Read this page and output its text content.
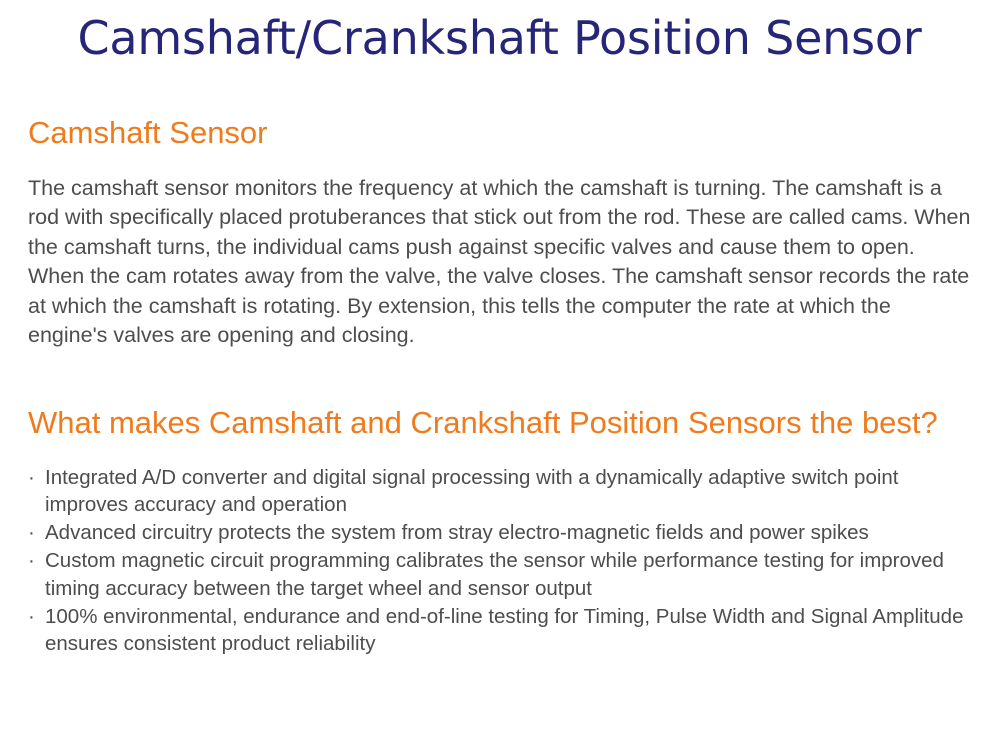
Camshaft/Crankshaft Position Sensor
Camshaft Sensor

The camshaft sensor monitors the frequency at which the camshaft is turning. The camshaft is a rod with specifically placed protuberances that stick out from the rod. These are called cams. When the camshaft turns, the individual cams push against specific valves and cause them to open. When the cam rotates away from the valve, the valve closes. The camshaft sensor records the rate at which the camshaft is rotating. By extension, this tells the computer the rate at which the engine's valves are opening and closing.

What makes Camshaft and Crankshaft Position Sensors the best?
· Integrated A/D converter and digital signal processing with a dynamically adaptive switch point improves accuracy and operation
· Advanced circuitry protects the system from stray electro-magnetic fields and power spikes
· Custom magnetic circuit programming calibrates the sensor while performance testing for improved timing accuracy between the target wheel and sensor output
· 100% environmental, endurance and end-of-line testing for Timing, Pulse Width and Signal Amplitude ensures consistent product reliability
